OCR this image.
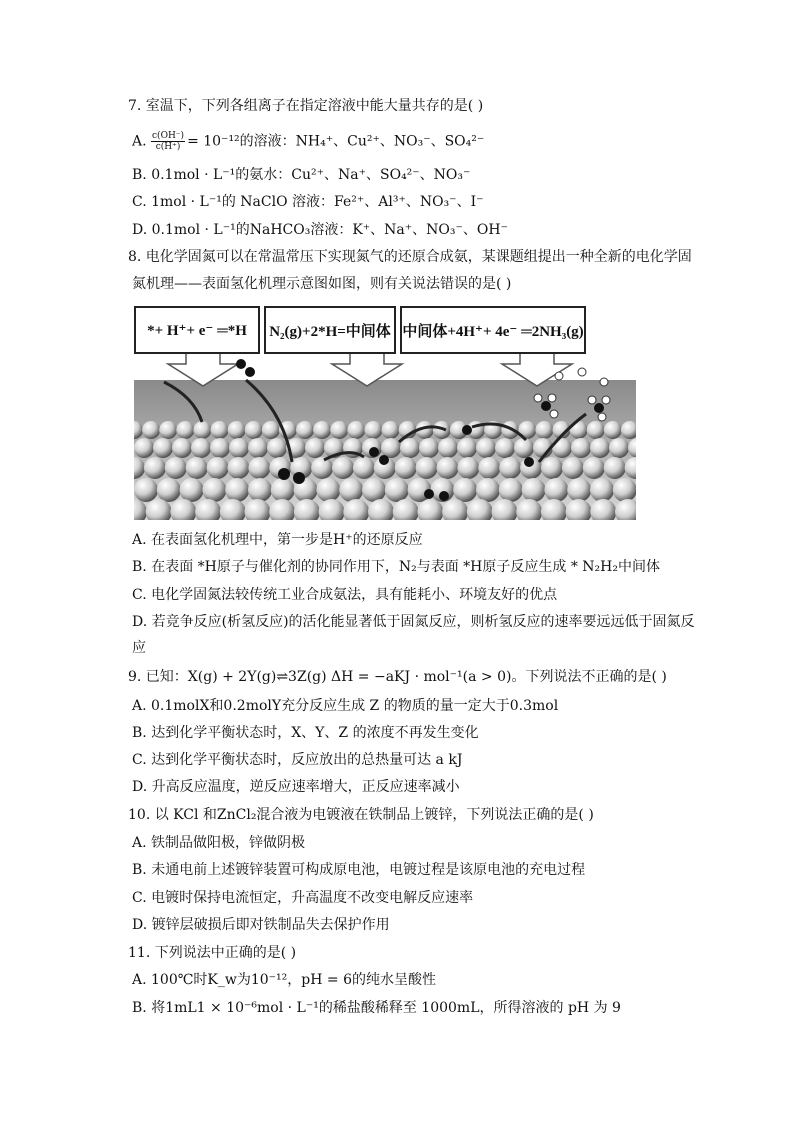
7. 室温下，下列各组离子在指定溶液中能大量共存的是( )
A. $\frac{c(OH^-)}{c(H^+)} = 10^{-12}$的溶液：NH₄⁺、Cu²⁺、NO₃⁻、SO₄²⁻
B. 0.1mol · L⁻¹的氨水：Cu²⁺、Na⁺、SO₄²⁻、NO₃⁻
C. 1mol · L⁻¹的 NaClO 溶液：Fe²⁺、Al³⁺、NO₃⁻、I⁻
D. 0.1mol · L⁻¹的NaHCO₃溶液：K⁺、Na⁺、NO₃⁻、OH⁻
8. 电化学固氮可以在常温常压下实现氮气的还原合成氨，某课题组提出一种全新的电化学固
氮机理——表面氢化机理示意图如图，则有关说法错误的是( )
*+ H⁺+ e⁻ ═*H	N₂(g)+2*H=中间体 中间体+4H⁺+ 4e⁻ ═2NH₃(g)
A. 在表面氢化机理中，第一步是H⁺的还原反应
B. 在表面 *H原子与催化剂的协同作用下，N₂与表面 *H原子反应生成 * N₂H₂中间体
C. 电化学固氮法较传统工业合成氨法，具有能耗小、环境友好的优点
D. 若竞争反应(析氢反应)的活化能显著低于固氮反应，则析氢反应的速率要远远低于固氮反
应
9. 已知：X(g) + 2Y(g)⇌3Z(g) ΔH = −aKJ · mol⁻¹(a > 0)。下列说法不正确的是( )
A. 0.1molX和0.2molY充分反应生成 Z 的物质的量一定大于0.3mol
B. 达到化学平衡状态时，X、Y、Z 的浓度不再发生变化
C. 达到化学平衡状态时，反应放出的总热量可达 a kJ
D. 升高反应温度，逆反应速率增大，正反应速率减小
10. 以 KCl 和ZnCl₂混合液为电镀液在铁制品上镀锌，下列说法正确的是( )
A. 铁制品做阳极，锌做阴极
B. 未通电前上述镀锌装置可构成原电池，电镀过程是该原电池的充电过程
C. 电镀时保持电流恒定，升高温度不改变电解反应速率
D. 镀锌层破损后即对铁制品失去保护作用
11. 下列说法中正确的是( )
A. 100℃时K_w为10⁻¹²，pH = 6的纯水呈酸性
B. 将1mL1 × 10⁻⁶mol · L⁻¹的稀盐酸稀释至 1000mL，所得溶液的 pH 为 9
